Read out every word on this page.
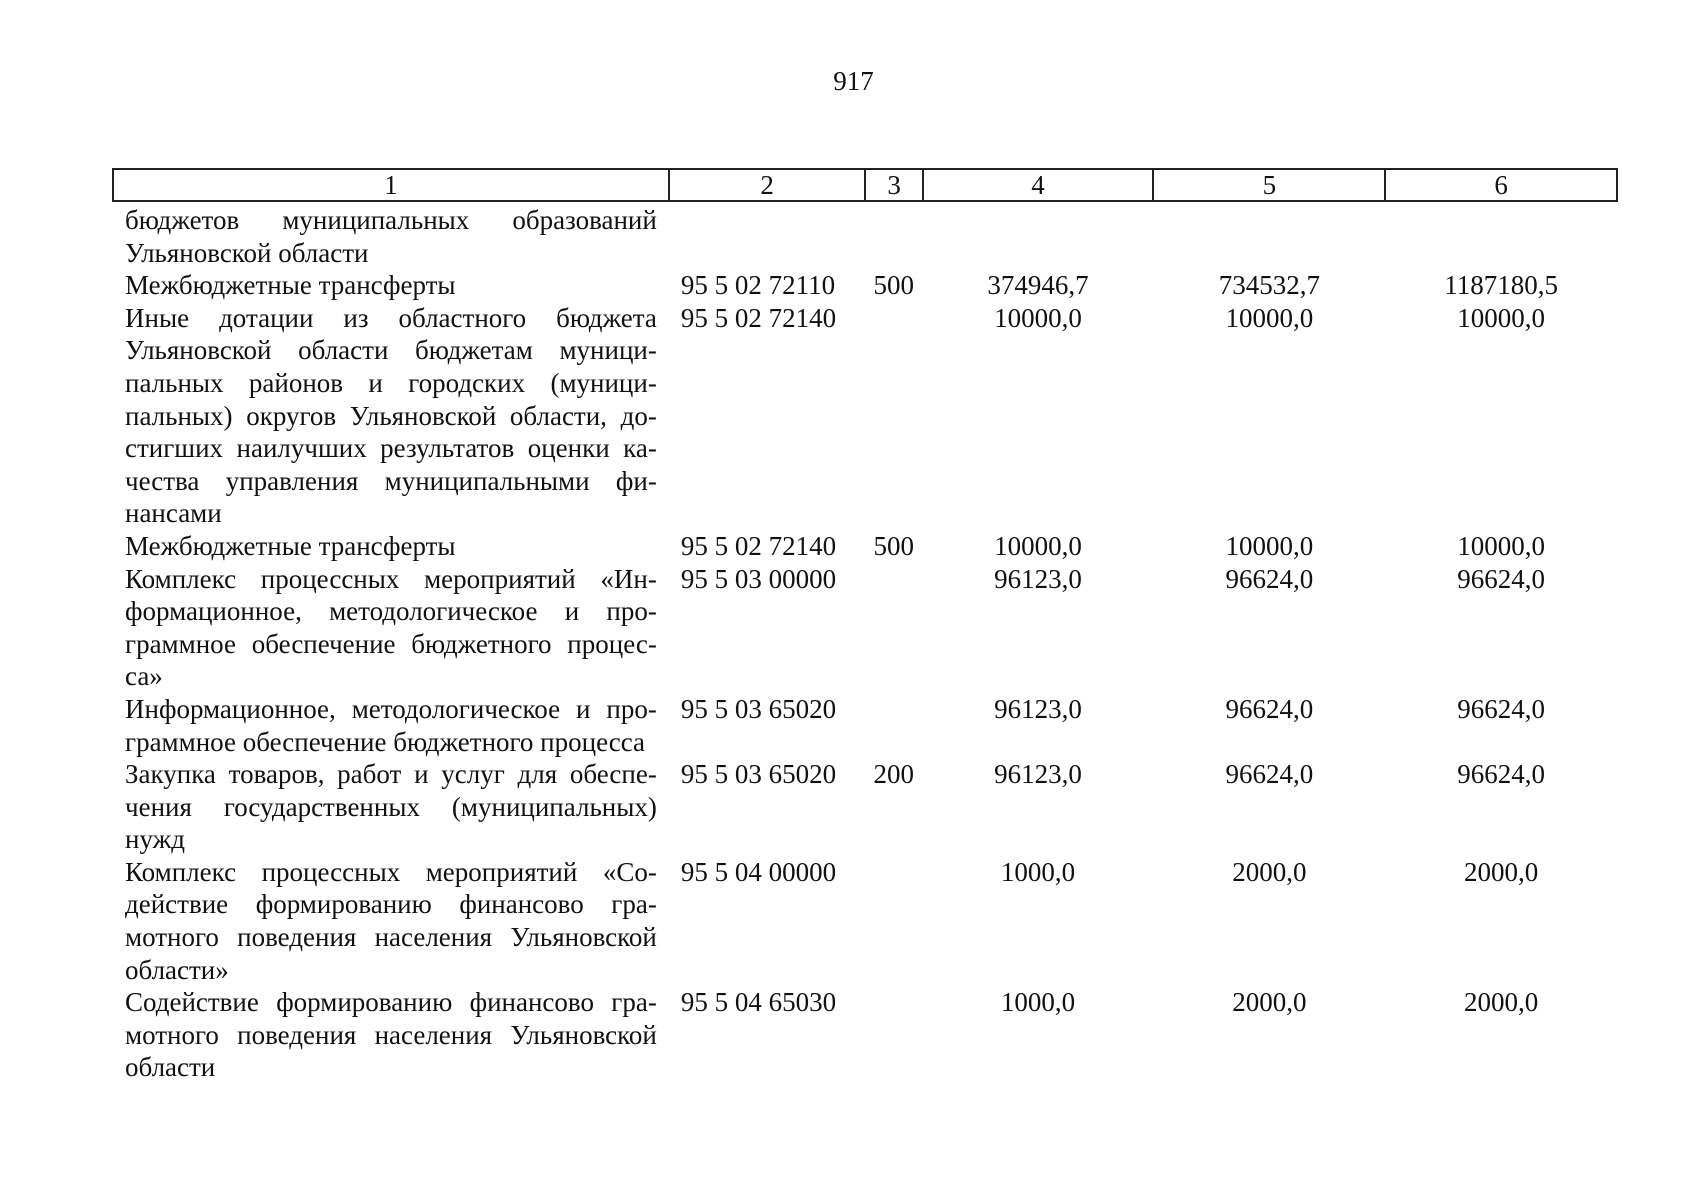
917
1	2	3	4	5	6
бюджетов муниципальных образований Ульяновской области					
Межбюджетные трансферты	95 5 02 72110	500	374946,7	734532,7	1187180,5
Иные дотации из областного бюджета Ульяновской области бюджетам муниципальных районов и городских (муниципальных) округов Ульяновской области, достигших наилучших результатов оценки качества управления муниципальными финансами	95 5 02 72140		10000,0	10000,0	10000,0
Межбюджетные трансферты	95 5 02 72140	500	10000,0	10000,0	10000,0
Комплекс процессных мероприятий «Информационное, методологическое и программное обеспечение бюджетного процесса»	95 5 03 00000		96123,0	96624,0	96624,0
Информационное, методологическое и программное обеспечение бюджетного процесса	95 5 03 65020		96123,0	96624,0	96624,0
Закупка товаров, работ и услуг для обеспечения государственных (муниципальных) нужд	95 5 03 65020	200	96123,0	96624,0	96624,0
Комплекс процессных мероприятий «Содействие формированию финансово грамотного поведения населения Ульяновской области»	95 5 04 00000		1000,0	2000,0	2000,0
Содействие формированию финансово грамотного поведения населения Ульяновской области	95 5 04 65030		1000,0	2000,0	2000,0
